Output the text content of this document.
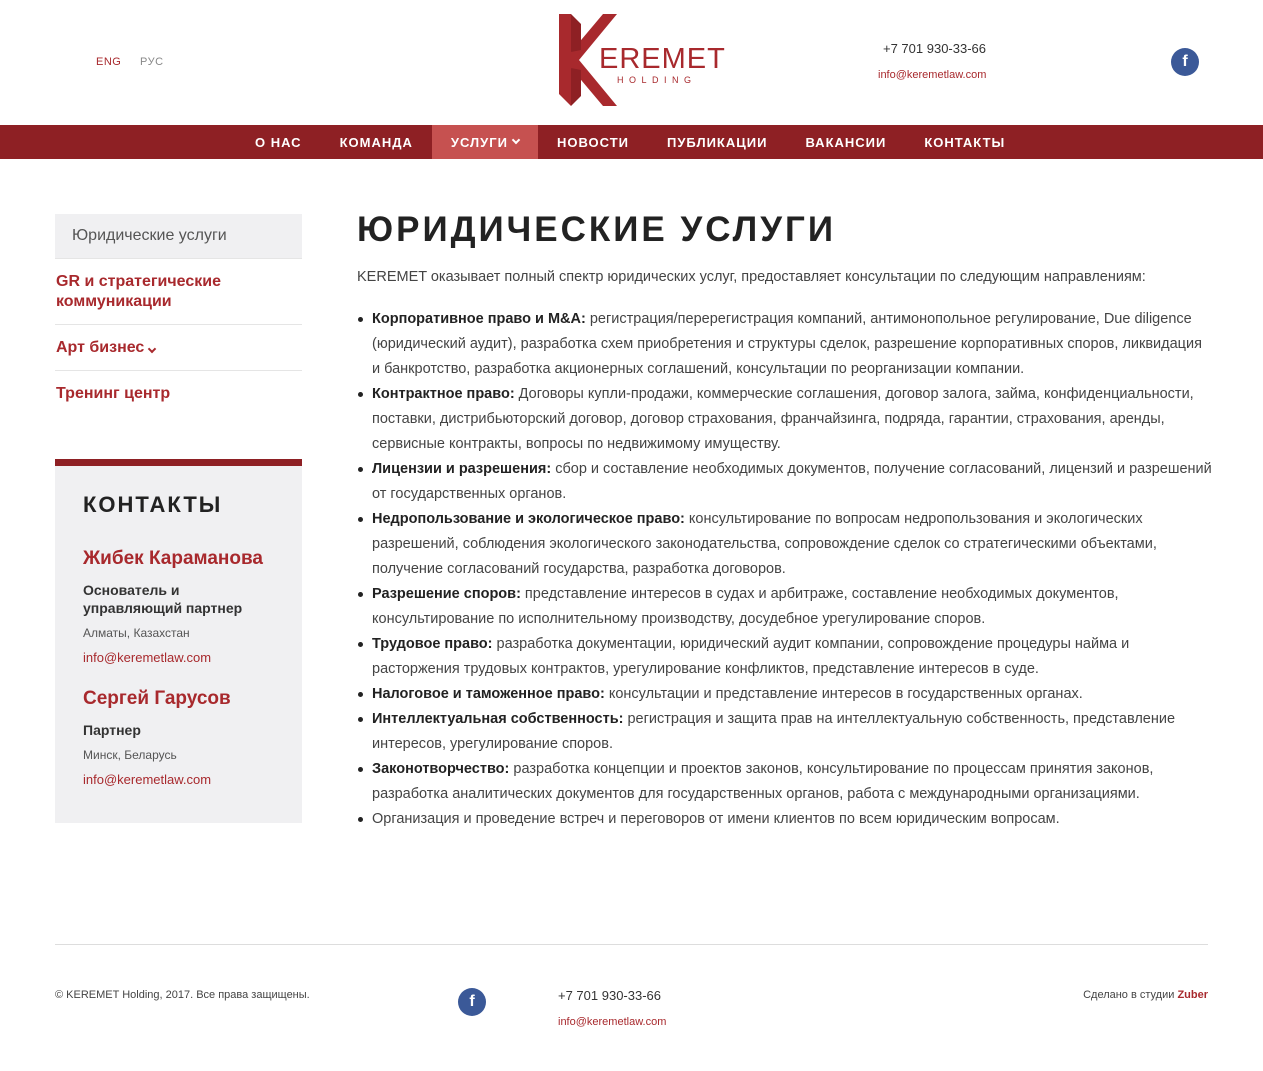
ENG РУС	EREMET
HOLDING
+7 701 930-33-66
info@keremetlaw.com
f
О НАС	КОМАНДА	УСЛУГИ	НОВОСТИ	ПУБЛИКАЦИИ	ВАКАНСИИ	КОНТАКТЫ
Юридические услуги
GR и стратегические коммуникации
Арт бизнес
Тренинг центр
КОНТАКТЫ
Жибек Караманова
Основатель и управляющий партнер
Алматы, Казахстан
info@keremetlaw.com
Сергей Гарусов
Партнер
Минск, Беларусь
info@keremetlaw.com
ЮРИДИЧЕСКИЕ УСЛУГИ

KEREMET оказывает полный спектр юридических услуг, предоставляет консультации по следующим направлениям:

Корпоративное право и M&A: регистрация/перерегистрация компаний, антимонопольное регулирование, Due diligence (юридический аудит), разработка схем приобретения и структуры сделок, разрешение корпоративных споров, ликвидация и банкротство, разработка акционерных соглашений, консультации по реорганизации компании.
Контрактное право: Договоры купли-продажи, коммерческие соглашения, договор залога, займа, конфиденциальности, поставки, дистрибьюторский договор, договор страхования, франчайзинга, подряда, гарантии, страхования, аренды, сервисные контракты, вопросы по недвижимому имуществу.
Лицензии и разрешения: сбор и составление необходимых документов, получение согласований, лицензий и разрешений от государственных органов.
Недропользование и экологическое право: консультирование по вопросам недропользования и экологических разрешений, соблюдения экологического законодательства, сопровождение сделок со стратегическими объектами, получение согласований государства, разработка договоров.
Разрешение споров: представление интересов в судах и арбитраже, составление необходимых документов, консультирование по исполнительному производству, досудебное урегулирование споров.
Трудовое право: разработка документации, юридический аудит компании, сопровождение процедуры найма и расторжения трудовых контрактов, урегулирование конфликтов, представление интересов в суде.
Налоговое и таможенное право: консультации и представление интересов в государственных органах.
Интеллектуальная собственность: регистрация и защита прав на интеллектуальную собственность, представление интересов, урегулирование споров.
Законотворчество: разработка концепции и проектов законов, консультирование по процессам принятия законов, разработка аналитических документов для государственных органов, работа с международными организациями.
Организация и проведение встреч и переговоров от имени клиентов по всем юридическим вопросам.
© KEREMET Holding, 2017. Все права защищены.	f	+7 701 930-33-66
info@keremetlaw.com
Сделано в студии Zuber
